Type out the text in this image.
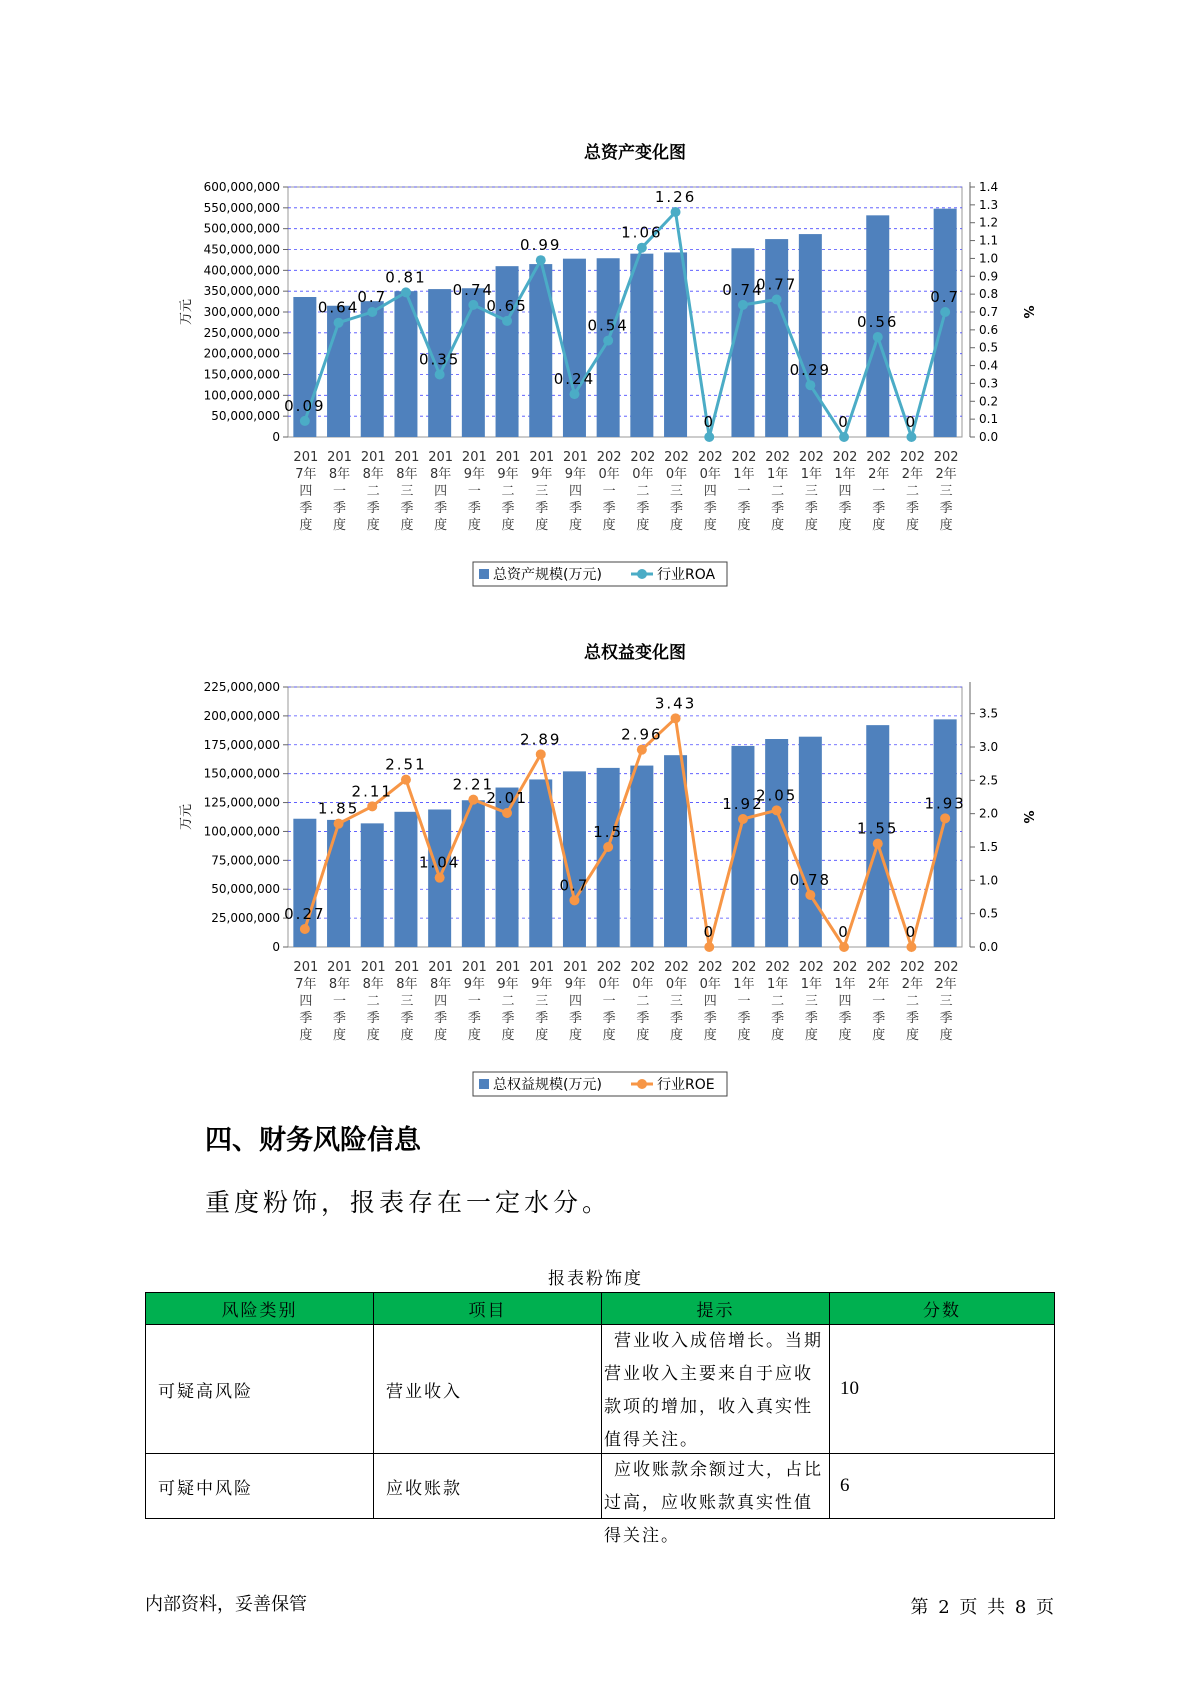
总资产变化图
600,000,000
550,000,000
500,000,000
450,000,000
400,000,000
350,000,000
300,000,000
250,000,000
200,000,000
150,000,000
100,000,000
50,000,000
0
1.4
1.3
1.2
1.1
1.0
0.9
0.8
0.7
0.6
0.5
0.4
0.3
0.2
0.1
0.0
万元	%
201
7年
四
季
度
201
8年
一
季
度
201
8年
二
季
度
201
8年
三
季
度
201
8年
四
季
度
201
9年
一
季
度
201
9年
二
季
度
201
9年
三
季
度
201
9年
四
季
度
202
0年
一
季
度
202
0年
二
季
度
202
0年
三
季
度
202
0年
四
季
度
202
1年
一
季
度
202
1年
二
季
度
202
1年
三
季
度
202
1年
四
季
度
202
2年
一
季
度
202
2年
二
季
度
202
2年
三
季
度
0.09
0.64
0.7
0.81
0.35
0.74
0.65
0.99
0.24
0.54
1.06
1.26
0
0.74
0.77
0.29
0
0.56
0
0.7
总资产规模(万元)	行业ROA
总权益变化图
225,000,000
200,000,000
175,000,000
150,000,000
125,000,000
100,000,000
75,000,000
50,000,000
25,000,000
0
3.5
3.0
2.5
2.0
1.5
1.0
0.5
0.0
万元	%
201
7年
四
季
度
201
8年
一
季
度
201
8年
二
季
度
201
8年
三
季
度
201
8年
四
季
度
201
9年
一
季
度
201
9年
二
季
度
201
9年
三
季
度
201
9年
四
季
度
202
0年
一
季
度
202
0年
二
季
度
202
0年
三
季
度
202
0年
四
季
度
202
1年
一
季
度
202
1年
二
季
度
202
1年
三
季
度
202
1年
四
季
度
202
2年
一
季
度
202
2年
二
季
度
202
2年
三
季
度
0.27
1.85
2.11
2.51
1.04
2.21
2.01
2.89
0.7
1.5
2.96
3.43
0
1.92
2.05
0.78
0
1.55
0
1.93
总权益规模(万元)	行业ROE
四、财务风险信息

重度粉饰，报表存在一定水分。

报表粉饰度
风险类别	项目	提示	分数
可疑高风险	营业收入	营业收入成倍增长。当期营业收入主要来自于应收款项的增加，收入真实性值得关注。	10
可疑中风险	应收账款	应收账款余额过大，占比过高，应收账款真实性值得关注。	6
内部资料，妥善保管	第 2 页 共 8 页
